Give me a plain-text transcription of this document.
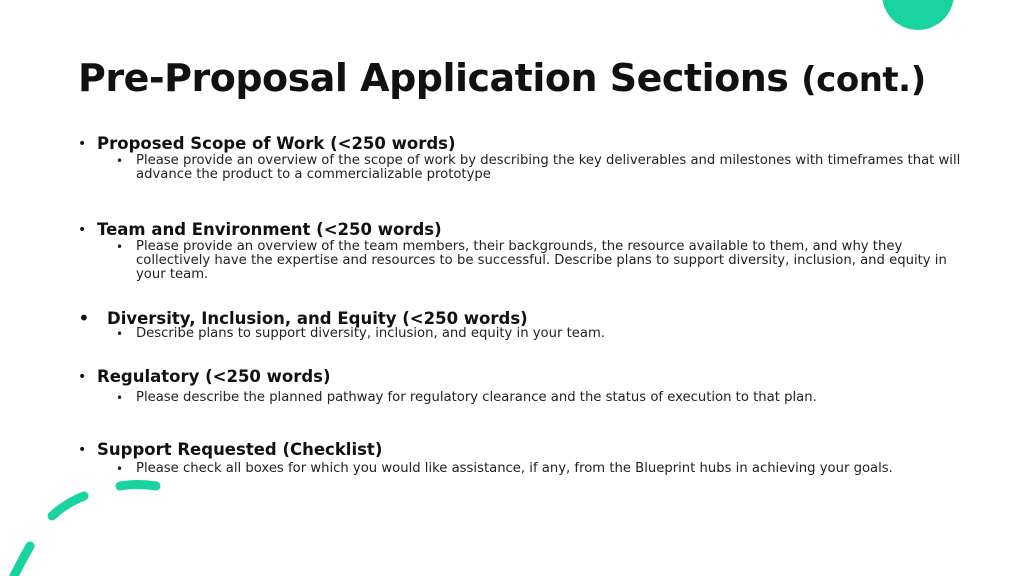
Pre-Proposal Application Sections (cont.)
• Proposed Scope of Work (<250 words)
• Please provide an overview of the scope of work by describing the key deliverables and milestones with timeframes that will advance the product to a commercializable prototype
• Team and Environment (<250 words)
• Please provide an overview of the team members, their backgrounds, the resource available to them, and why they collectively have the expertise and resources to be successful. Describe plans to support diversity, inclusion, and equity in your team.
• Diversity, Inclusion, and Equity (<250 words)
• Describe plans to support diversity, inclusion, and equity in your team.
• Regulatory (<250 words)
• Please describe the planned pathway for regulatory clearance and the status of execution to that plan.
• Support Requested (Checklist)
• Please check all boxes for which you would like assistance, if any, from the Blueprint hubs in achieving your goals.
